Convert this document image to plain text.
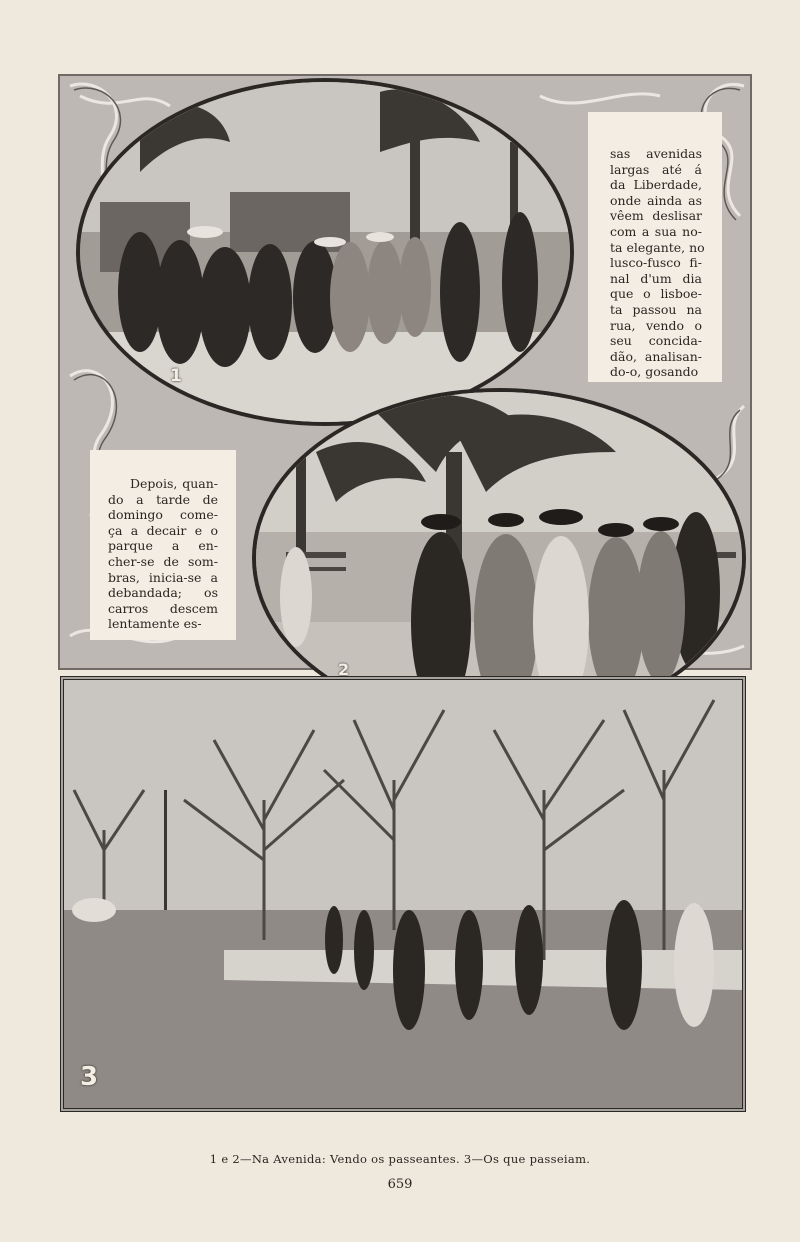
sas avenidas
largas até á
da Liberdade,
onde ainda as
vêem deslisar
com a sua no-
ta elegante, no
lusco-fusco fi-
nal d'um dia
que o lisboe-
ta passou na
rua, vendo o
seu concida-
dão, analisan-
do-o, gosando
Depois, quan-
do a tarde de
domingo come-
ça a decair e o
parque a en-
cher-se de som-
bras, inicia-se a
debandada; os
carros descem
lentamente es-
1
2
3
1 e 2—Na Avenida: Vendo os passeantes. 3—Os que passeiam.
659
